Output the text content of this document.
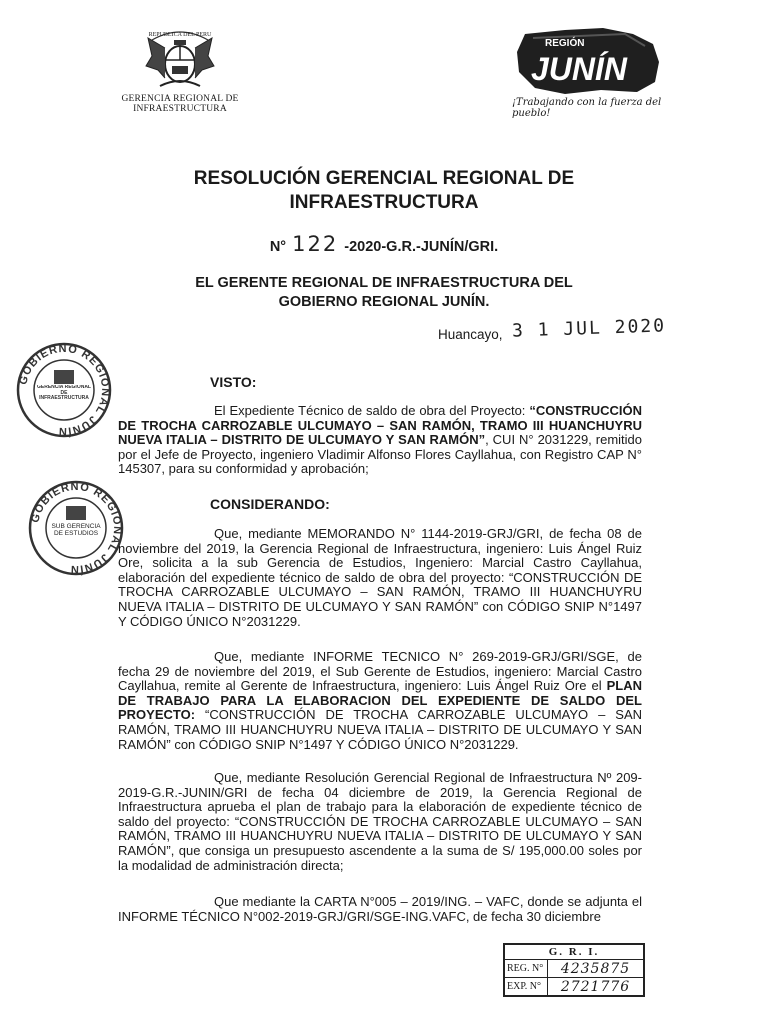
REPUBLICA DEL PERU
GERENCIA REGIONAL DE INFRAESTRUCTURA
REGIÓN
JUNÍN
¡Trabajando con la fuerza del pueblo!
RESOLUCIÓN GERENCIAL REGIONAL DE
INFRAESTRUCTURA
N° 122 -2020-G.R.-JUNÍN/GRI.
EL GERENTE REGIONAL DE INFRAESTRUCTURA DEL
GOBIERNO REGIONAL JUNÍN.
Huancayo, 3 1 JUL 2020
GOBIERNO REGIONAL JUNÍN
GERENCIA REGIONAL DE INFRAESTRUCTURA
GOBIERNO REGIONAL JUNÍN
SUB GERENCIA DE ESTUDIOS
VISTO:
El Expediente Técnico de saldo de obra del Proyecto: “CONSTRUCCIÓN DE TROCHA CARROZABLE ULCUMAYO – SAN RAMÓN, TRAMO III HUANCHUYRU NUEVA ITALIA – DISTRITO DE ULCUMAYO Y SAN RAMÓN”, CUI N° 2031229, remitido por el Jefe de Proyecto, ingeniero Vladimir Alfonso Flores Cayllahua, con Registro CAP N° 145307, para su conformidad y aprobación;
CONSIDERANDO:
Que, mediante MEMORANDO N° 1144-2019-GRJ/GRI, de fecha 08 de noviembre del 2019, la Gerencia Regional de Infraestructura, ingeniero: Luis Ángel Ruiz Ore, solicita a la sub Gerencia de Estudios, Ingeniero: Marcial Castro Cayllahua, elaboración del expediente técnico de saldo de obra del proyecto: “CONSTRUCCIÓN DE TROCHA CARROZABLE ULCUMAYO – SAN RAMÓN, TRAMO III HUANCHUYRU NUEVA ITALIA – DISTRITO DE ULCUMAYO Y SAN RAMÓN” con CÓDIGO SNIP N°1497 Y CÓDIGO ÚNICO N°2031229.
Que, mediante INFORME TECNICO N° 269-2019-GRJ/GRI/SGE, de fecha 29 de noviembre del 2019, el Sub Gerente de Estudios, ingeniero: Marcial Castro Cayllahua, remite al Gerente de Infraestructura, ingeniero: Luis Ángel Ruiz Ore el PLAN DE TRABAJO PARA LA ELABORACION DEL EXPEDIENTE DE SALDO DEL PROYECTO: “CONSTRUCCIÓN DE TROCHA CARROZABLE ULCUMAYO – SAN RAMÓN, TRAMO III HUANCHUYRU NUEVA ITALIA – DISTRITO DE ULCUMAYO Y SAN RAMÓN” con CÓDIGO SNIP N°1497 Y CÓDIGO ÚNICO N°2031229.
Que, mediante Resolución Gerencial Regional de Infraestructura Nº 209-2019-G.R.-JUNIN/GRI de fecha 04 diciembre de 2019, la Gerencia Regional de Infraestructura aprueba el plan de trabajo para la elaboración de expediente técnico de saldo del proyecto: “CONSTRUCCIÓN DE TROCHA CARROZABLE ULCUMAYO – SAN RAMÓN, TRAMO III HUANCHUYRU NUEVA ITALIA – DISTRITO DE ULCUMAYO Y SAN RAMÓN”, que consiga un presupuesto ascendente a la suma de S/ 195,000.00 soles por la modalidad de administración directa;
Que mediante la CARTA N°005 – 2019/ING. – VAFC, donde se adjunta el INFORME TÉCNICO N°002-2019-GRJ/GRI/SGE-ING.VAFC, de fecha 30 diciembre
G. R. I.
REG. N°	4235875
EXP. N°	2721776
